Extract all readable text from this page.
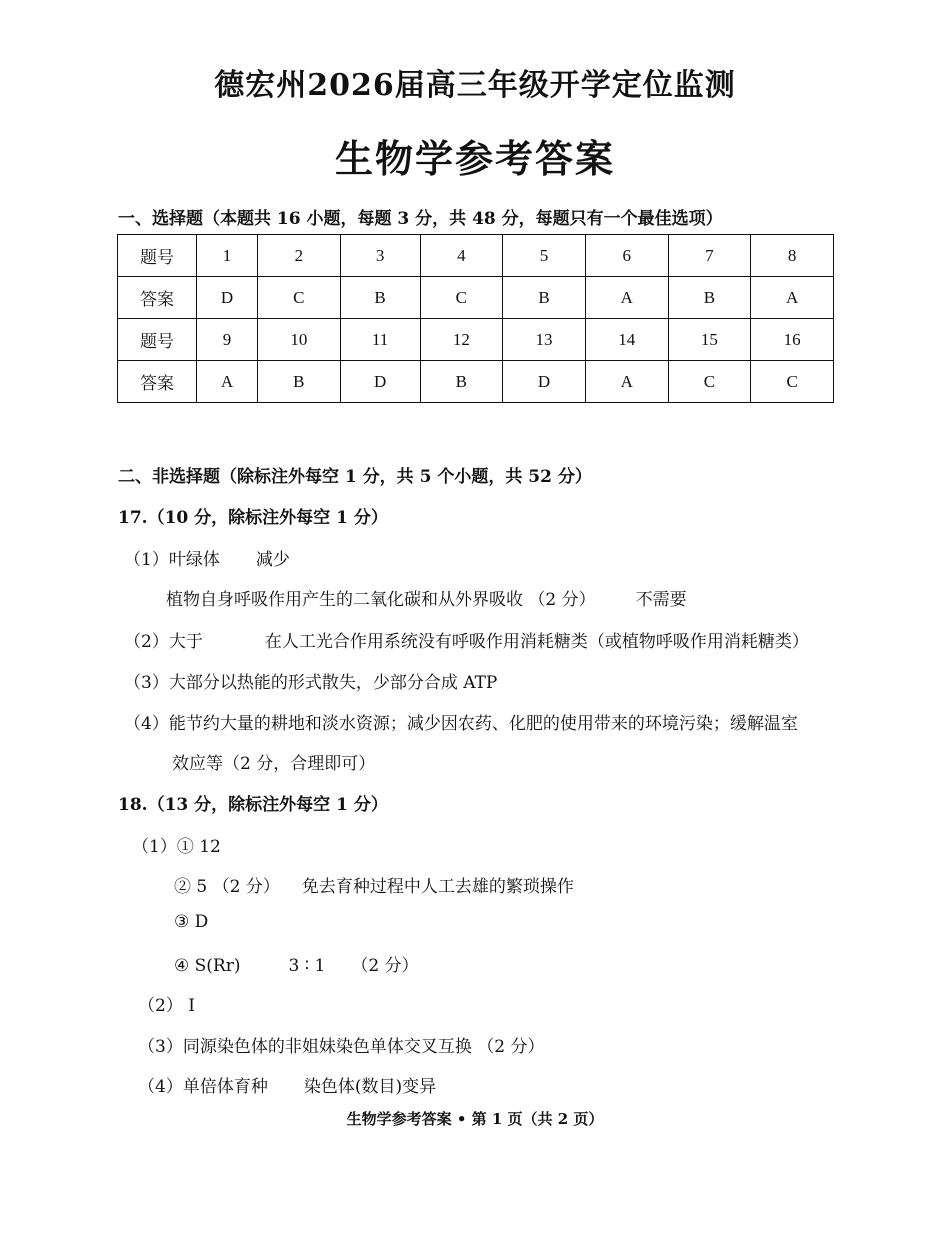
德宏州2026届高三年级开学定位监测
生物学参考答案
一、选择题（本题共 16 小题，每题 3 分，共 48 分，每题只有一个最佳选项）
题号	1	2	3	4	5	6	7	8
答案	D	C	B	C	B	A	B	A
题号	9	10	11	12	13	14	15	16
答案	A	B	D	B	D	A	C	C
二、非选择题（除标注外每空 1 分，共 5 个小题，共 52 分）
17.（10 分，除标注外每空 1 分）
（1）叶绿体 减少
植物自身呼吸作用产生的二氧化碳和从外界吸收 （2 分） 不需要
（2）大于	在人工光合作用系统没有呼吸作用消耗糖类（或植物呼吸作用消耗糖类）
（3）大部分以热能的形式散失，少部分合成 ATP
（4）能节约大量的耕地和淡水资源；减少因农药、化肥的使用带来的环境污染；缓解温室
效应等（2 分，合理即可）
18.（13 分，除标注外每空 1 分）
（1）① 12
② 5 （2 分） 免去育种过程中人工去雄的繁琐操作
③ D
④ S(Rr)	3 ∶ 1 （2 分）
（2） Ⅰ
（3）同源染色体的非姐妹染色单体交叉互换 （2 分）
（4）单倍体育种 染色体(数目)变异
生物学参考答案 • 第 1 页（共 2 页）
